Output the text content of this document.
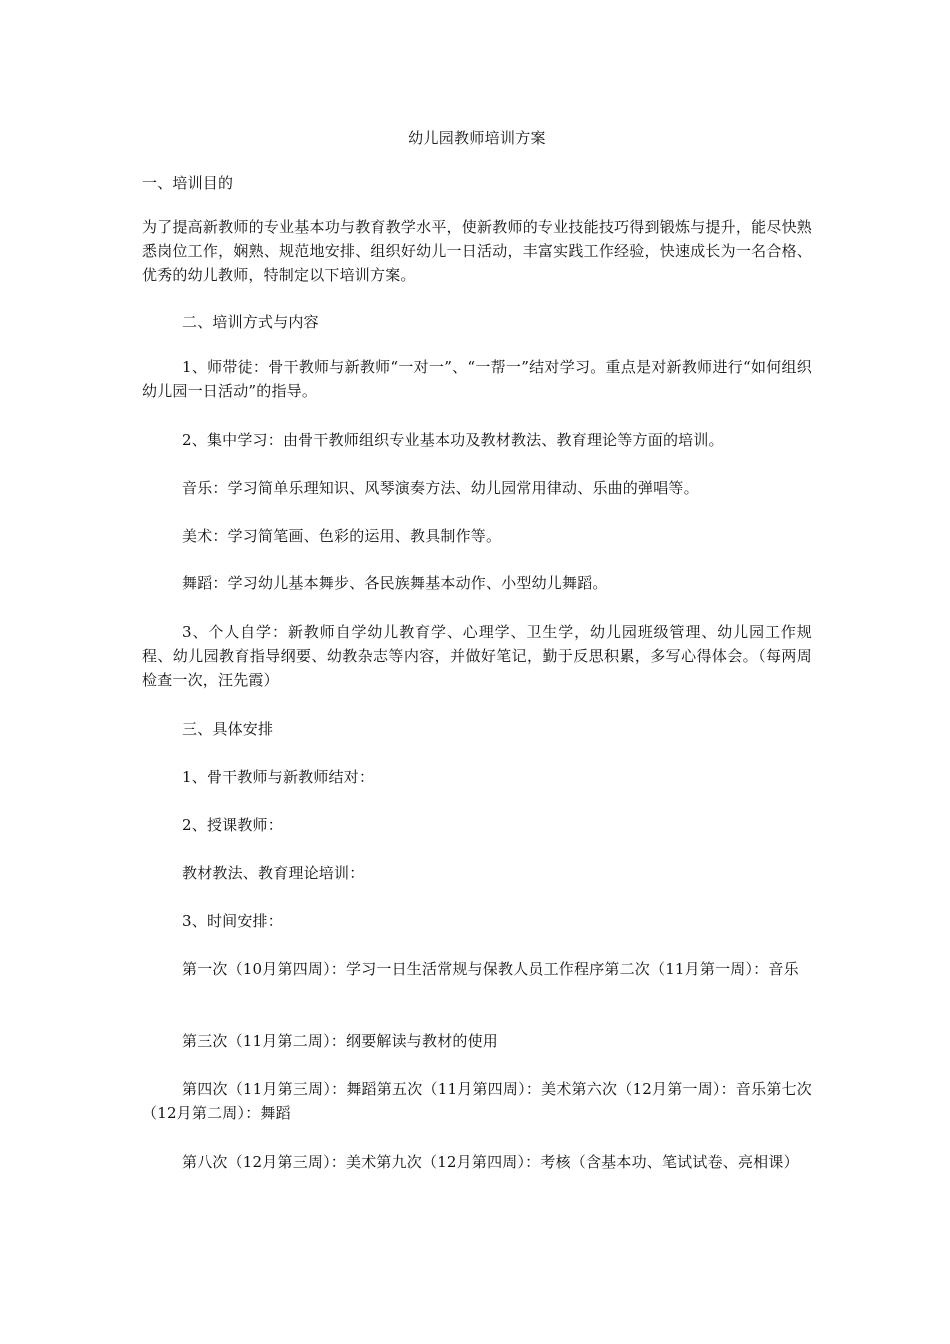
幼儿园教师培训方案

一、培训目的

为了提高新教师的专业基本功与教育教学水平，使新教师的专业技能技巧得到锻炼与提升，能尽快熟悉岗位工作，娴熟、规范地安排、组织好幼儿一日活动，丰富实践工作经验，快速成长为一名合格、优秀的幼儿教师，特制定以下培训方案。

二、培训方式与内容

1、师带徒：骨干教师与新教师“一对一”、“一帮一”结对学习。重点是对新教师进行“如何组织幼儿园一日活动”的指导。

2、集中学习：由骨干教师组织专业基本功及教材教法、教育理论等方面的培训。

音乐：学习简单乐理知识、风琴演奏方法、幼儿园常用律动、乐曲的弹唱等。

美术：学习简笔画、色彩的运用、教具制作等。

舞蹈：学习幼儿基本舞步、各民族舞基本动作、小型幼儿舞蹈。

3、个人自学：新教师自学幼儿教育学、心理学、卫生学，幼儿园班级管理、幼儿园工作规程、幼儿园教育指导纲要、幼教杂志等内容，并做好笔记，勤于反思积累，多写心得体会。（每两周检查一次，汪先霞）

三、具体安排

1、骨干教师与新教师结对：

2、授课教师：

教材教法、教育理论培训：

3、时间安排：

第一次（10月第四周）：学习一日生活常规与保教人员工作程序第二次（11月第一周）：音乐

第三次（11月第二周）：纲要解读与教材的使用

第四次（11月第三周）：舞蹈第五次（11月第四周）：美术第六次（12月第一周）：音乐第七次（12月第二周）：舞蹈

第八次（12月第三周）：美术第九次（12月第四周）：考核（含基本功、笔试试卷、亮相课）
